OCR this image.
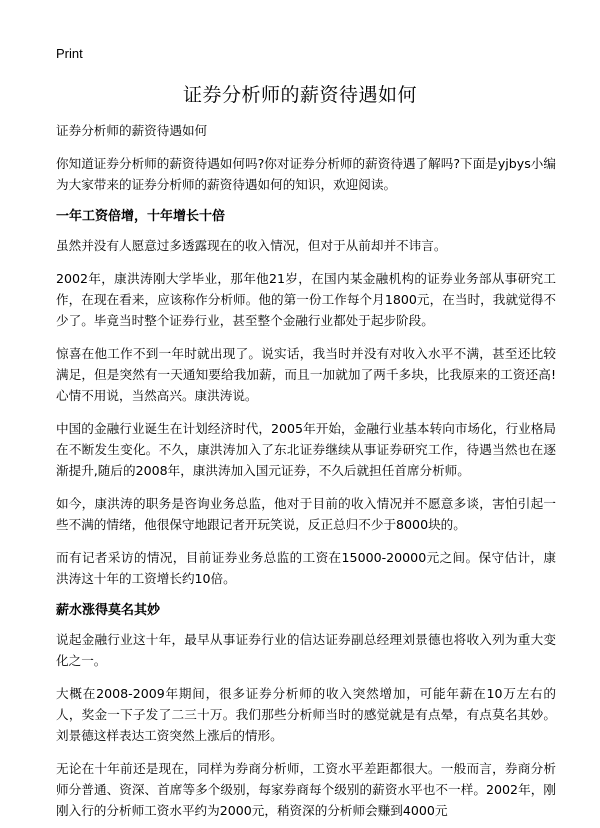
Print
证券分析师的薪资待遇如何

证券分析师的薪资待遇如何

你知道证券分析师的薪资待遇如何吗?你对证券分析师的薪资待遇了解吗?下面是yjbys小编为大家带来的证券分析师的薪资待遇如何的知识，欢迎阅读。

一年工资倍增，十年增长十倍

虽然并没有人愿意过多透露现在的收入情况，但对于从前却并不讳言。

2002年，康洪涛刚大学毕业，那年他21岁，在国内某金融机构的证券业务部从事研究工作，在现在看来，应该称作分析师。他的第一份工作每个月1800元，在当时，我就觉得不少了。毕竟当时整个证券行业，甚至整个金融行业都处于起步阶段。

惊喜在他工作不到一年时就出现了。说实话，我当时并没有对收入水平不满，甚至还比较满足，但是突然有一天通知要给我加薪，而且一加就加了两千多块，比我原来的工资还高!心情不用说，当然高兴。康洪涛说。

中国的金融行业诞生在计划经济时代，2005年开始，金融行业基本转向市场化，行业格局在不断发生变化。不久，康洪涛加入了东北证券继续从事证券研究工作，待遇当然也在逐渐提升,随后的2008年，康洪涛加入国元证券，不久后就担任首席分析师。

如今，康洪涛的职务是咨询业务总监，他对于目前的收入情况并不愿意多谈，害怕引起一些不满的情绪，他很保守地跟记者开玩笑说，反正总归不少于8000块的。

而有记者采访的情况，目前证券业务总监的工资在15000-20000元之间。保守估计，康洪涛这十年的工资增长约10倍。

薪水涨得莫名其妙

说起金融行业这十年，最早从事证券行业的信达证券副总经理刘景德也将收入列为重大变化之一。

大概在2008-2009年期间，很多证券分析师的收入突然增加，可能年薪在10万左右的人，奖金一下子发了二三十万。我们那些分析师当时的感觉就是有点晕，有点莫名其妙。刘景德这样表达工资突然上涨后的情形。

无论在十年前还是现在，同样为券商分析师，工资水平差距都很大。一般而言，券商分析师分普通、资深、首席等多个级别，每家券商每个级别的薪资水平也不一样。2002年，刚刚入行的分析师工资水平约为2000元，稍资深的分析师会赚到4000元
